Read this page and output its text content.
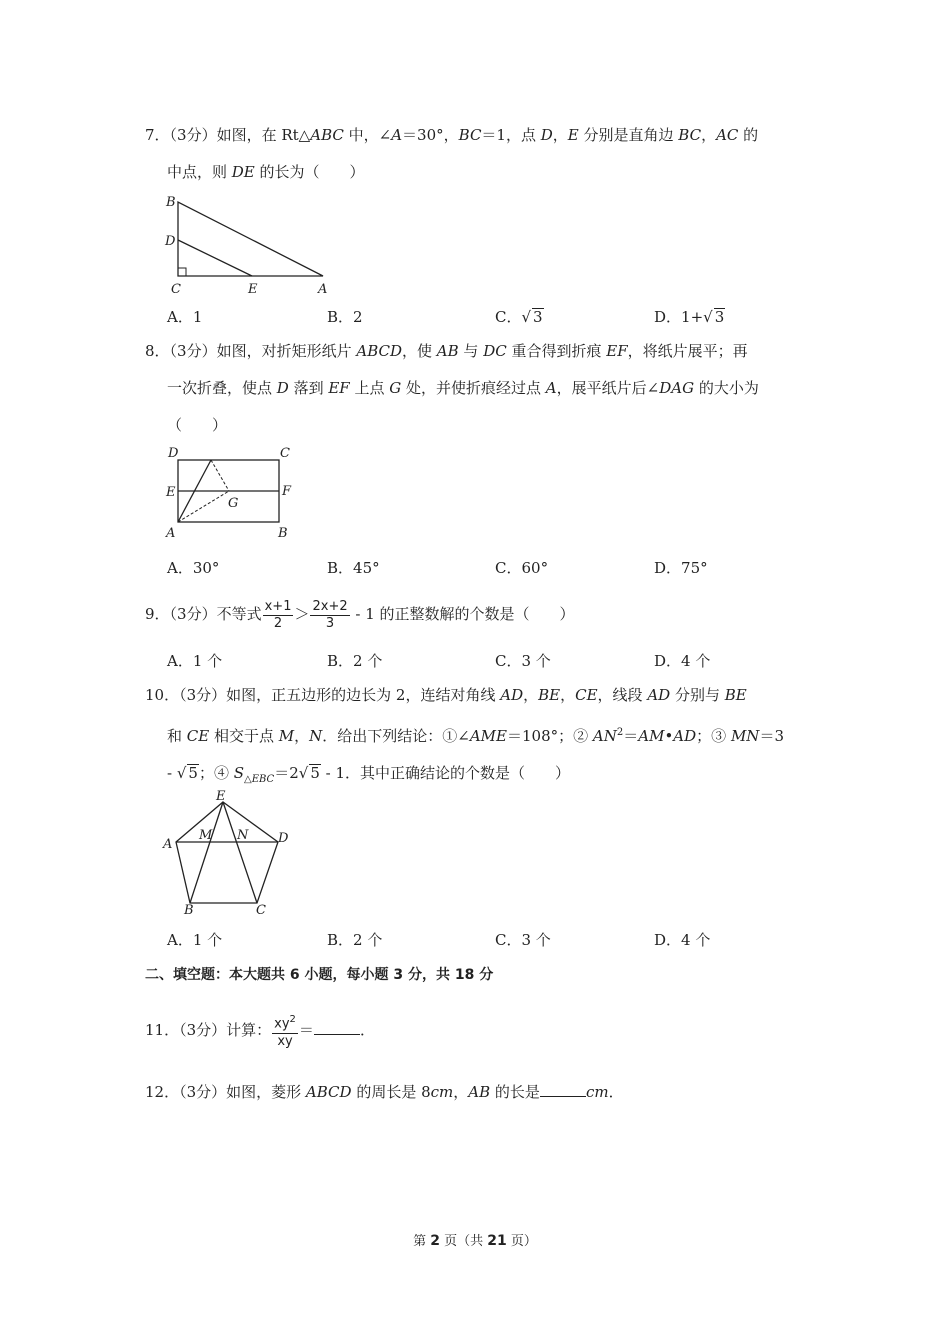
7．（3分）如图，在 Rt△ABC 中，∠A＝30°，BC＝1，点 D，E 分别是直角边 BC，AC 的
中点，则 DE 的长为（　　）
B
D
C	E	A
A．1	B．2	C．√ 3	D．1+√ 3
8．（3分）如图，对折矩形纸片 ABCD，使 AB 与 DC 重合得到折痕 EF，将纸片展平；再
一次折叠，使点 D 落到 EF 上点 G 处，并使折痕经过点 A，展平纸片后∠DAG 的大小为
（　　）
D	C
E	F
G
A	B
A．30°	B．45°	C．60°	D．75°
9．（3分）不等式 $\frac{x+1}{2} > \frac{2x+2}{3} - 1$ 的正整数解的个数是（　　）
A．1 个	B．2 个	C．3 个	D．4 个
10．（3分）如图，正五边形的边长为 2，连结对角线 AD，BE，CE，线段 AD 分别与 BE
和 CE 相交于点 M，N．给出下列结论：①∠AME＝108°；② $AN^2=AM•AD$；③ MN＝3
- √ 5；④ $S_{\triangle EBC}=2√$ 5 - 1．其中正确结论的个数是（　　）
E
A
M N D
B	C
A．1 个	B．2 个	C．3 个	D．4 个
二、填空题：本大题共 6 小题，每小题 3 分，共 18 分
11．（3分）计算： $\frac{xy^2}{xy}$ ＝	．
12．（3分）如图，菱形 ABCD 的周长是 8cm，AB 的长是	cm．
第 2 页（共 21 页）
